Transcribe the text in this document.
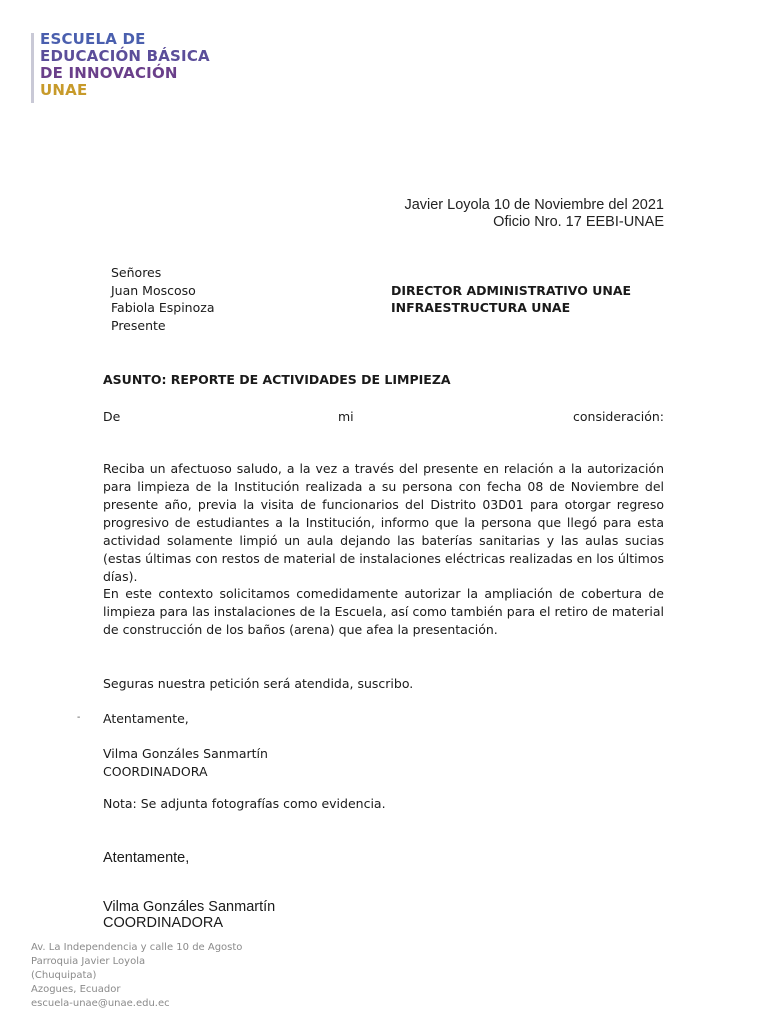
ESCUELA DE
EDUCACIÓN BÁSICA
DE INNOVACIÓN
UNAE
Javier Loyola 10 de Noviembre del 2021
Oficio Nro. 17 EEBI-UNAE
Señores
Juan Mosсoso
Fabiola Espinoza
Presente
DIRECTOR ADMINISTRATIVO UNAE
INFRAESTRUCTURA UNAE
ASUNTO: REPORTE DE ACTIVIDADES DE LIMPIEZA
De	mi	consideración:
Reciba un afectuoso saludo, a la vez a través del presente en relación a la autorización para limpieza de la Institución realizada a su persona con fecha 08 de Noviembre del presente año, previa la visita de funcionarios del Distrito 03D01 para otorgar regreso progresivo de estudiantes a la Institución, informo que la persona que llegó para esta actividad solamente limpió un aula dejando las baterías sanitarias y las aulas sucias (estas últimas con restos de material de instalaciones eléctricas realizadas en los últimos días).
En este contexto solicitamos comedidamente autorizar la ampliación de cobertura de limpieza para las instalaciones de la Escuela, así como también para el retiro de material de construcción de los baños (arena) que afea la presentación.
Seguras nuestra petición será atendida, suscribo.
- Atentamente,
Vilma Gonzáles Sanmartín
COORDINADORA
Nota: Se adjunta fotografías como evidencia.
Atentamente,
Vilma Gonzáles Sanmartín
COORDINADORA
Av. La Independencia y calle 10 de Agosto
Parroquia Javier Loyola
(Chuquipata)
Azogues, Ecuador
escuela-unae@unae.edu.ec
